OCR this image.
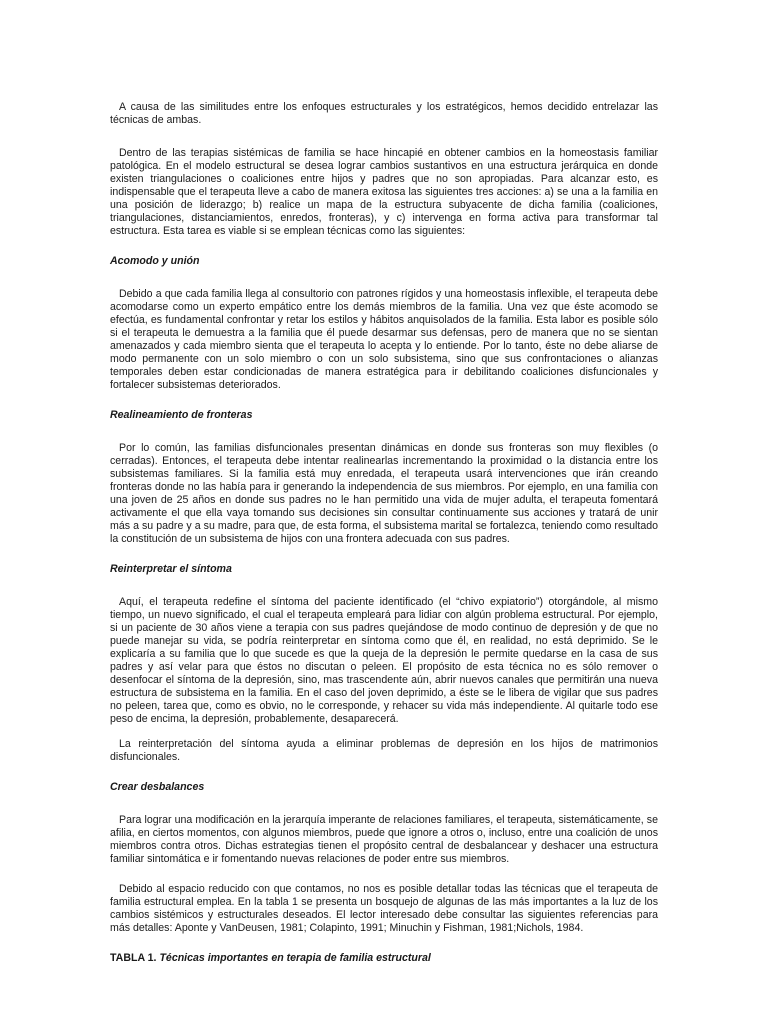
A causa de las similitudes entre los enfoques estructurales y los estratégicos, hemos decidido entrelazar las técnicas de ambas.

Dentro de las terapias sistémicas de familia se hace hincapié en obtener cambios en la homeostasis familiar patológica. En el modelo estructural se desea lograr cambios sustantivos en una estructura jerárquica en donde existen triangulaciones o coaliciones entre hijos y padres que no son apropiadas. Para alcanzar esto, es indispensable que el terapeuta lleve a cabo de manera exitosa las siguientes tres acciones: a) se una a la familia en una posición de liderazgo; b) realice un mapa de la estructura subyacente de dicha familia (coaliciones, triangulaciones, distanciamientos, enredos, fronteras), y c) intervenga en forma activa para transformar tal estructura. Esta tarea es viable si se emplean técnicas como las siguientes:

Acomodo y unión

Debido a que cada familia llega al consultorio con patrones rígidos y una homeostasis inflexible, el terapeuta debe acomodarse como un experto empático entre los demás miembros de la familia. Una vez que éste acomodo se efectúa, es fundamental confrontar y retar los estilos y hábitos anquisolados de la familia. Esta labor es posible sólo si el terapeuta le demuestra a la familia que él puede desarmar sus defensas, pero de manera que no se sientan amenazados y cada miembro sienta que el terapeuta lo acepta y lo entiende. Por lo tanto, éste no debe aliarse de modo permanente con un solo miembro o con un solo subsistema, sino que sus confrontaciones o alianzas temporales deben estar condicionadas de manera estratégica para ir debilitando coaliciones disfuncionales y fortalecer subsistemas deteriorados.

Realineamiento de fronteras

Por lo común, las familias disfuncionales presentan dinámicas en donde sus fronteras son muy flexibles (o cerradas). Entonces, el terapeuta debe intentar realinearlas incrementando la proximidad o la distancia entre los subsistemas familiares. Si la familia está muy enredada, el terapeuta usará intervenciones que irán creando fronteras donde no las había para ir generando la independencia de sus miembros. Por ejemplo, en una familia con una joven de 25 años en donde sus padres no le han permitido una vida de mujer adulta, el terapeuta fomentará activamente el que ella vaya tomando sus decisiones sin consultar continuamente sus acciones y tratará de unir más a su padre y a su madre, para que, de esta forma, el subsistema marital se fortalezca, teniendo como resultado la constitución de un subsistema de hijos con una frontera adecuada con sus padres.

Reinterpretar el síntoma

Aquí, el terapeuta redefine el síntoma del paciente identificado (el “chivo expiatorio”) otorgándole, al mismo tiempo, un nuevo significado, el cual el terapeuta empleará para lidiar con algún problema estructural. Por ejemplo, si un paciente de 30 años viene a terapia con sus padres quejándose de modo continuo de depresión y de que no puede manejar su vida, se podría reinterpretar en síntoma como que él, en realidad, no está deprimido. Se le explicaría a su familia que lo que sucede es que la queja de la depresión le permite quedarse en la casa de sus padres y así velar para que éstos no discutan o peleen. El propósito de esta técnica no es sólo remover o desenfocar el síntoma de la depresión, sino, mas trascendente aún, abrir nuevos canales que permitirán una nueva estructura de subsistema en la familia. En el caso del joven deprimido, a éste se le libera de vigilar que sus padres no peleen, tarea que, como es obvio, no le corresponde, y rehacer su vida más independiente. Al quitarle todo ese peso de encima, la depresión, probablemente, desaparecerá.

La reinterpretación del síntoma ayuda a eliminar problemas de depresión en los hijos de matrimonios disfuncionales.

Crear desbalances

Para lograr una modificación en la jerarquía imperante de relaciones familiares, el terapeuta, sistemáticamente, se afilia, en ciertos momentos, con algunos miembros, puede que ignore a otros o, incluso, entre una coalición de unos miembros contra otros. Dichas estrategias tienen el propósito central de desbalancear y deshacer una estructura familiar sintomática e ir fomentando nuevas relaciones de poder entre sus miembros.

Debido al espacio reducido con que contamos, no nos es posible detallar todas las técnicas que el terapeuta de familia estructural emplea. En la tabla 1 se presenta un bosquejo de algunas de las más importantes a la luz de los cambios sistémicos y estructurales deseados. El lector interesado debe consultar las siguientes referencias para más detalles: Aponte y VanDeusen, 1981; Colapinto, 1991; Minuchin y Fishman, 1981;Nichols, 1984.

TABLA 1. Técnicas importantes en terapia de familia estructural
